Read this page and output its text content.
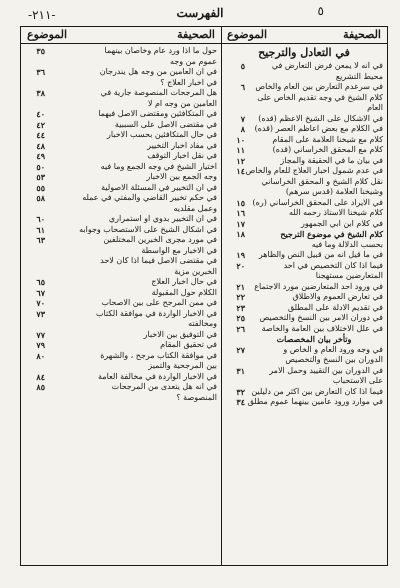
-٢١١-	الفهرست	٥
الصحيفة
الموضوع
في التعادل والترجيح
في انه لا يمعن فرض التعارض في
٥
محيط التشريع
في سرعدم التعارض بين العام والخاص
٦
كلام الشيخ في وجه تقديم الخاص على العام
في الاشكال على الشيخ الاعظم (قده)
٧
في الكلام مع بعض اعاظم العصر (قده)
٨
كلام مع شيخنا العلامة على المقام
١٠
كلام مع المحقق الخراساني (قده)
١١
في بيان ما في الحقيقة والمجاز
١٢
في عدم شمول اخبار العلاج للعام والخاص
١٤
نقل كلام الشيخ و المحقق الخراساني
وشيخنا العلامة (قدس سرهم)
في الايراد على المحقق الخراساني (ره)
١٥
كلام شيخنا الاستاذ رحمه الله
١٦
في كلام ابن ابي الجمهور
١٧
كلام الشيخ في موضوع الترجيح
١٨
بحسب الدلالة وما فيه
في ما قيل انه من قبيل النص والظاهر
١٩
فيما اذا كان التخصيص في احد
٢٠
المتعارضين مستهجنا
في ورود احد المتعارضين مورد الاجتماع
٢١
في تعارض العموم والاطلاق
٢٢
في تقديم الادلة على المطلق
٢٣
في دوران الامر بين النسخ والتخصيص
٢٥
في علل الاختلاف بين العامة والخاصة
٢٦
وتأخر بيان المخصصات
في وجه ورود العام و الخاص و
٢٧
الدوران بين النسخ والتخصيص
في الدوران بين التقييد وحمل الامر
٣١
على الاستحباب
فيما اذا كان التعارض بين اكثر من دليلين
٣٢
في موارد ورود عامين بينهما عموم مطلق
٣٤
الصحيفة
الموضوع
حول ما اذا ورد عام وخاصان بينهما
٣٥
عموم من وجه
في ان العامين من وجه هل يندرجان
٣٦
في اخبار العلاج ؟
هل المرجحات المنصوصة جارية في
٣٨
العامين من وجه ام لا
في المتكافئين ومقتضى الاصل فيهما
٤٠
في مقتضى الاصل على السببية
٤٢
في حال المتكافئين بحسب الاخبار
٤٤
في مفاد اخبار التخيير
٤٨
في نقل اخبار التوقف
٤٩
اختيار الشيخ في وجه الجمع وما فيه
٥٠
وجه الجمع بين الاخبار
٥٣
في ان التخيير في المسئلة الاصولية
٥٥
في حكم تخيير القاضي والمفتي في عمله
٥٨
وعمل مقلديه
في ان التخيير بدوي او استمراري
٦٠
في اشكال الشيخ على الاستصحاب وجوابه
٦١
في مورد مجرى الخبرين المختلفين
٦٣
في الاخبار مع الواسطة
في مقتضى الاصل فيما اذا كان لاحد
الخبرين مزية
في حال اخبار العلاج
٦٥
الكلام حول المقبولة
٦٧
في ممن المرجح على بين الاصحاب
٧٠
في الاخبار الواردة في موافقة الكتاب
٧٣
ومخالفته
في التوفيق بين الاخبار
٧٧
في تحقيق المقام
٧٩
في موافقة الكتاب مرجح ، والشهرة
٨٠
بين المرجحية والتميز
في الاخبار الواردة في مخالفة العامة
٨٤
في انه هل يتعدى من المرجحات
٨٥
المنصوصة ؟
